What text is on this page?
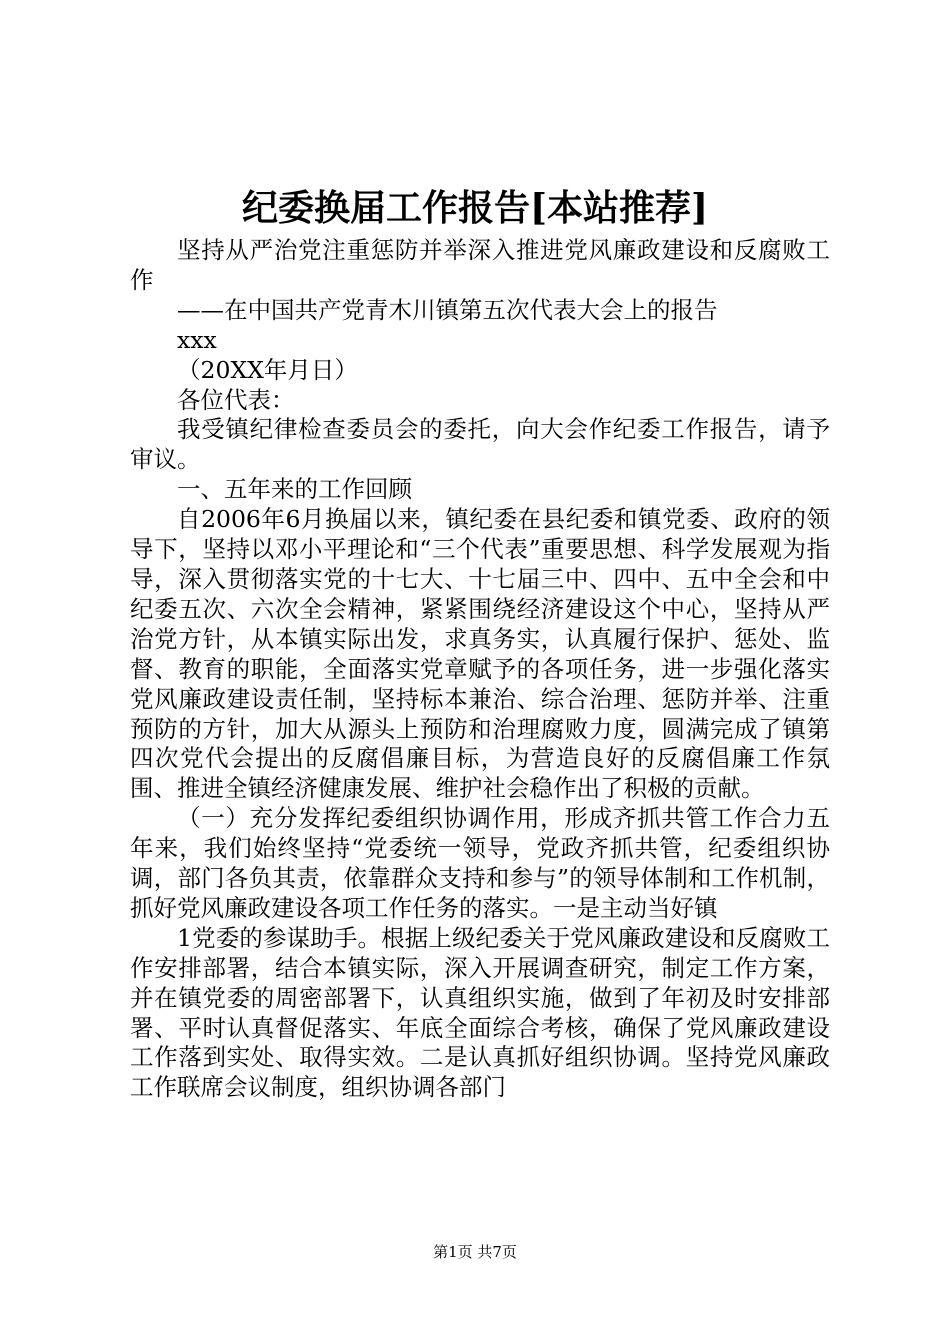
纪委换届工作报告[本站推荐]

坚持从严治党注重惩防并举深入推进党风廉政建设和反腐败工作

——在中国共产党青木川镇第五次代表大会上的报告

xxx

（20XX年月日）

各位代表：

我受镇纪律检查委员会的委托，向大会作纪委工作报告，请予审议。

一、五年来的工作回顾

自2006年6月换届以来，镇纪委在县纪委和镇党委、政府的领导下，坚持以邓小平理论和“三个代表”重要思想、科学发展观为指导，深入贯彻落实党的十七大、十七届三中、四中、五中全会和中纪委五次、六次全会精神，紧紧围绕经济建设这个中心，坚持从严治党方针，从本镇实际出发，求真务实，认真履行保护、惩处、监督、教育的职能，全面落实党章赋予的各项任务，进一步强化落实党风廉政建设责任制，坚持标本兼治、综合治理、惩防并举、注重预防的方针，加大从源头上预防和治理腐败力度，圆满完成了镇第四次党代会提出的反腐倡廉目标，为营造良好的反腐倡廉工作氛围、推进全镇经济健康发展、维护社会稳作出了积极的贡献。

（一）充分发挥纪委组织协调作用，形成齐抓共管工作合力五年来，我们始终坚持“党委统一领导，党政齐抓共管，纪委组织协调，部门各负其责，依靠群众支持和参与”的领导体制和工作机制，抓好党风廉政建设各项工作任务的落实。一是主动当好镇

1党委的参谋助手。根据上级纪委关于党风廉政建设和反腐败工作安排部署，结合本镇实际，深入开展调查研究，制定工作方案，并在镇党委的周密部署下，认真组织实施，做到了年初及时安排部署、平时认真督促落实、年底全面综合考核，确保了党风廉政建设工作落到实处、取得实效。二是认真抓好组织协调。坚持党风廉政工作联席会议制度，组织协调各部门

第1页 共7页
